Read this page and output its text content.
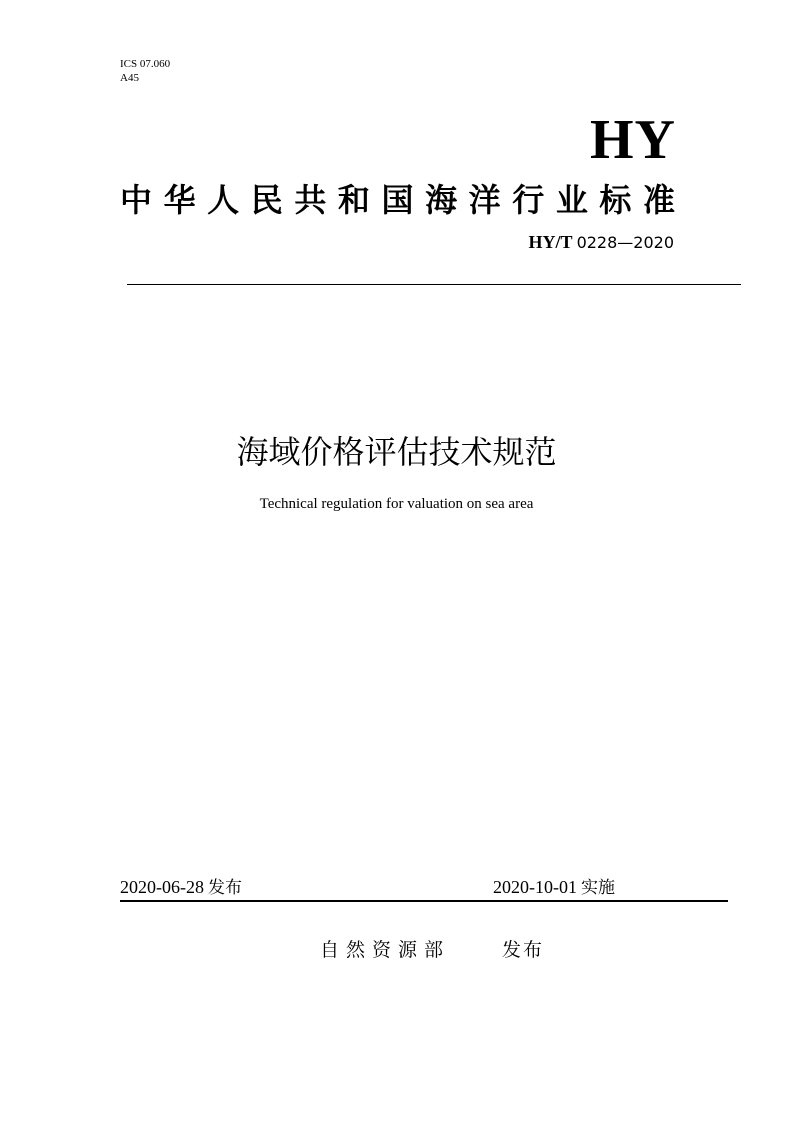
ICS 07.060
A45
HY
中华人民共和国海洋行业标准
HY/T 0228—2020
海域价格评估技术规范
Technical regulation for valuation on sea area
2020-06-28 发布	2020-10-01 实施
自然资源部	发布
